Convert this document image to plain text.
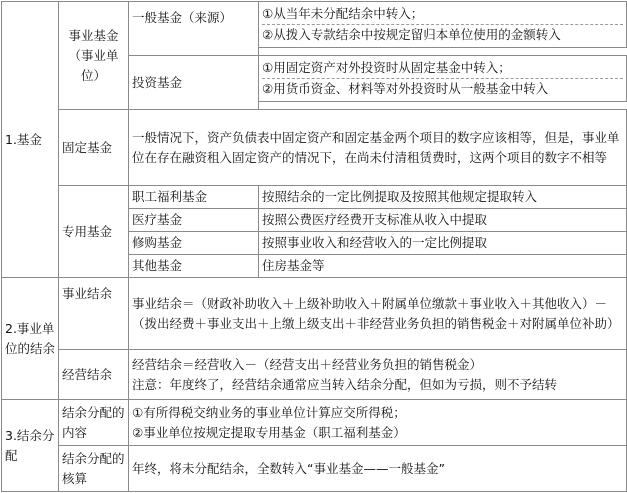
1.基金	事业基金（事业单位）	一般基金（来源）	①从当年未分配结余中转入；
②从拨入专款结余中按规定留归本单位使用的金额转入

		投资基金	①用固定资产对外投资时从固定基金中转入；
②用货币资金、材料等对外投资时从一般基金中转入

	固定基金	一般情况下，资产负债表中固定资产和固定基金两个项目的数字应该相等，但是，事业单位在存在融资租入固定资产的情况下，在尚未付清租赁费时，这两个项目的数字不相等	
	专用基金	职工福利基金	按照结余的一定比例提取及按照其他规定提取转入
		医疗基金	按照公费医疗经费开支标准从收入中提取
		修购基金	按照事业收入和经营收入的一定比例提取
		其他基金	住房基金等
2.事业单位的结余	事业结余	事业结余＝（财政补助收入＋上级补助收入＋附属单位缴款＋事业收入＋其他收入）－（拨出经费＋事业支出＋上缴上级支出＋非经营业务负担的销售税金＋对附属单位补助）	
	经营结余	经营结余＝经营收入－（经营支出＋经营业务负担的销售税金）
注意：年度终了，经营结余通常应当转入结余分配，但如为亏损，则不予结转	

3.结余分配	结余分配的内容	①有所得税交纳业务的事业单位计算应交所得税；
②事业单位按规定提取专用基金（职工福利基金）	

	结余分配的核算	年终，将未分配结余，全数转入“事业基金——一般基金”	
